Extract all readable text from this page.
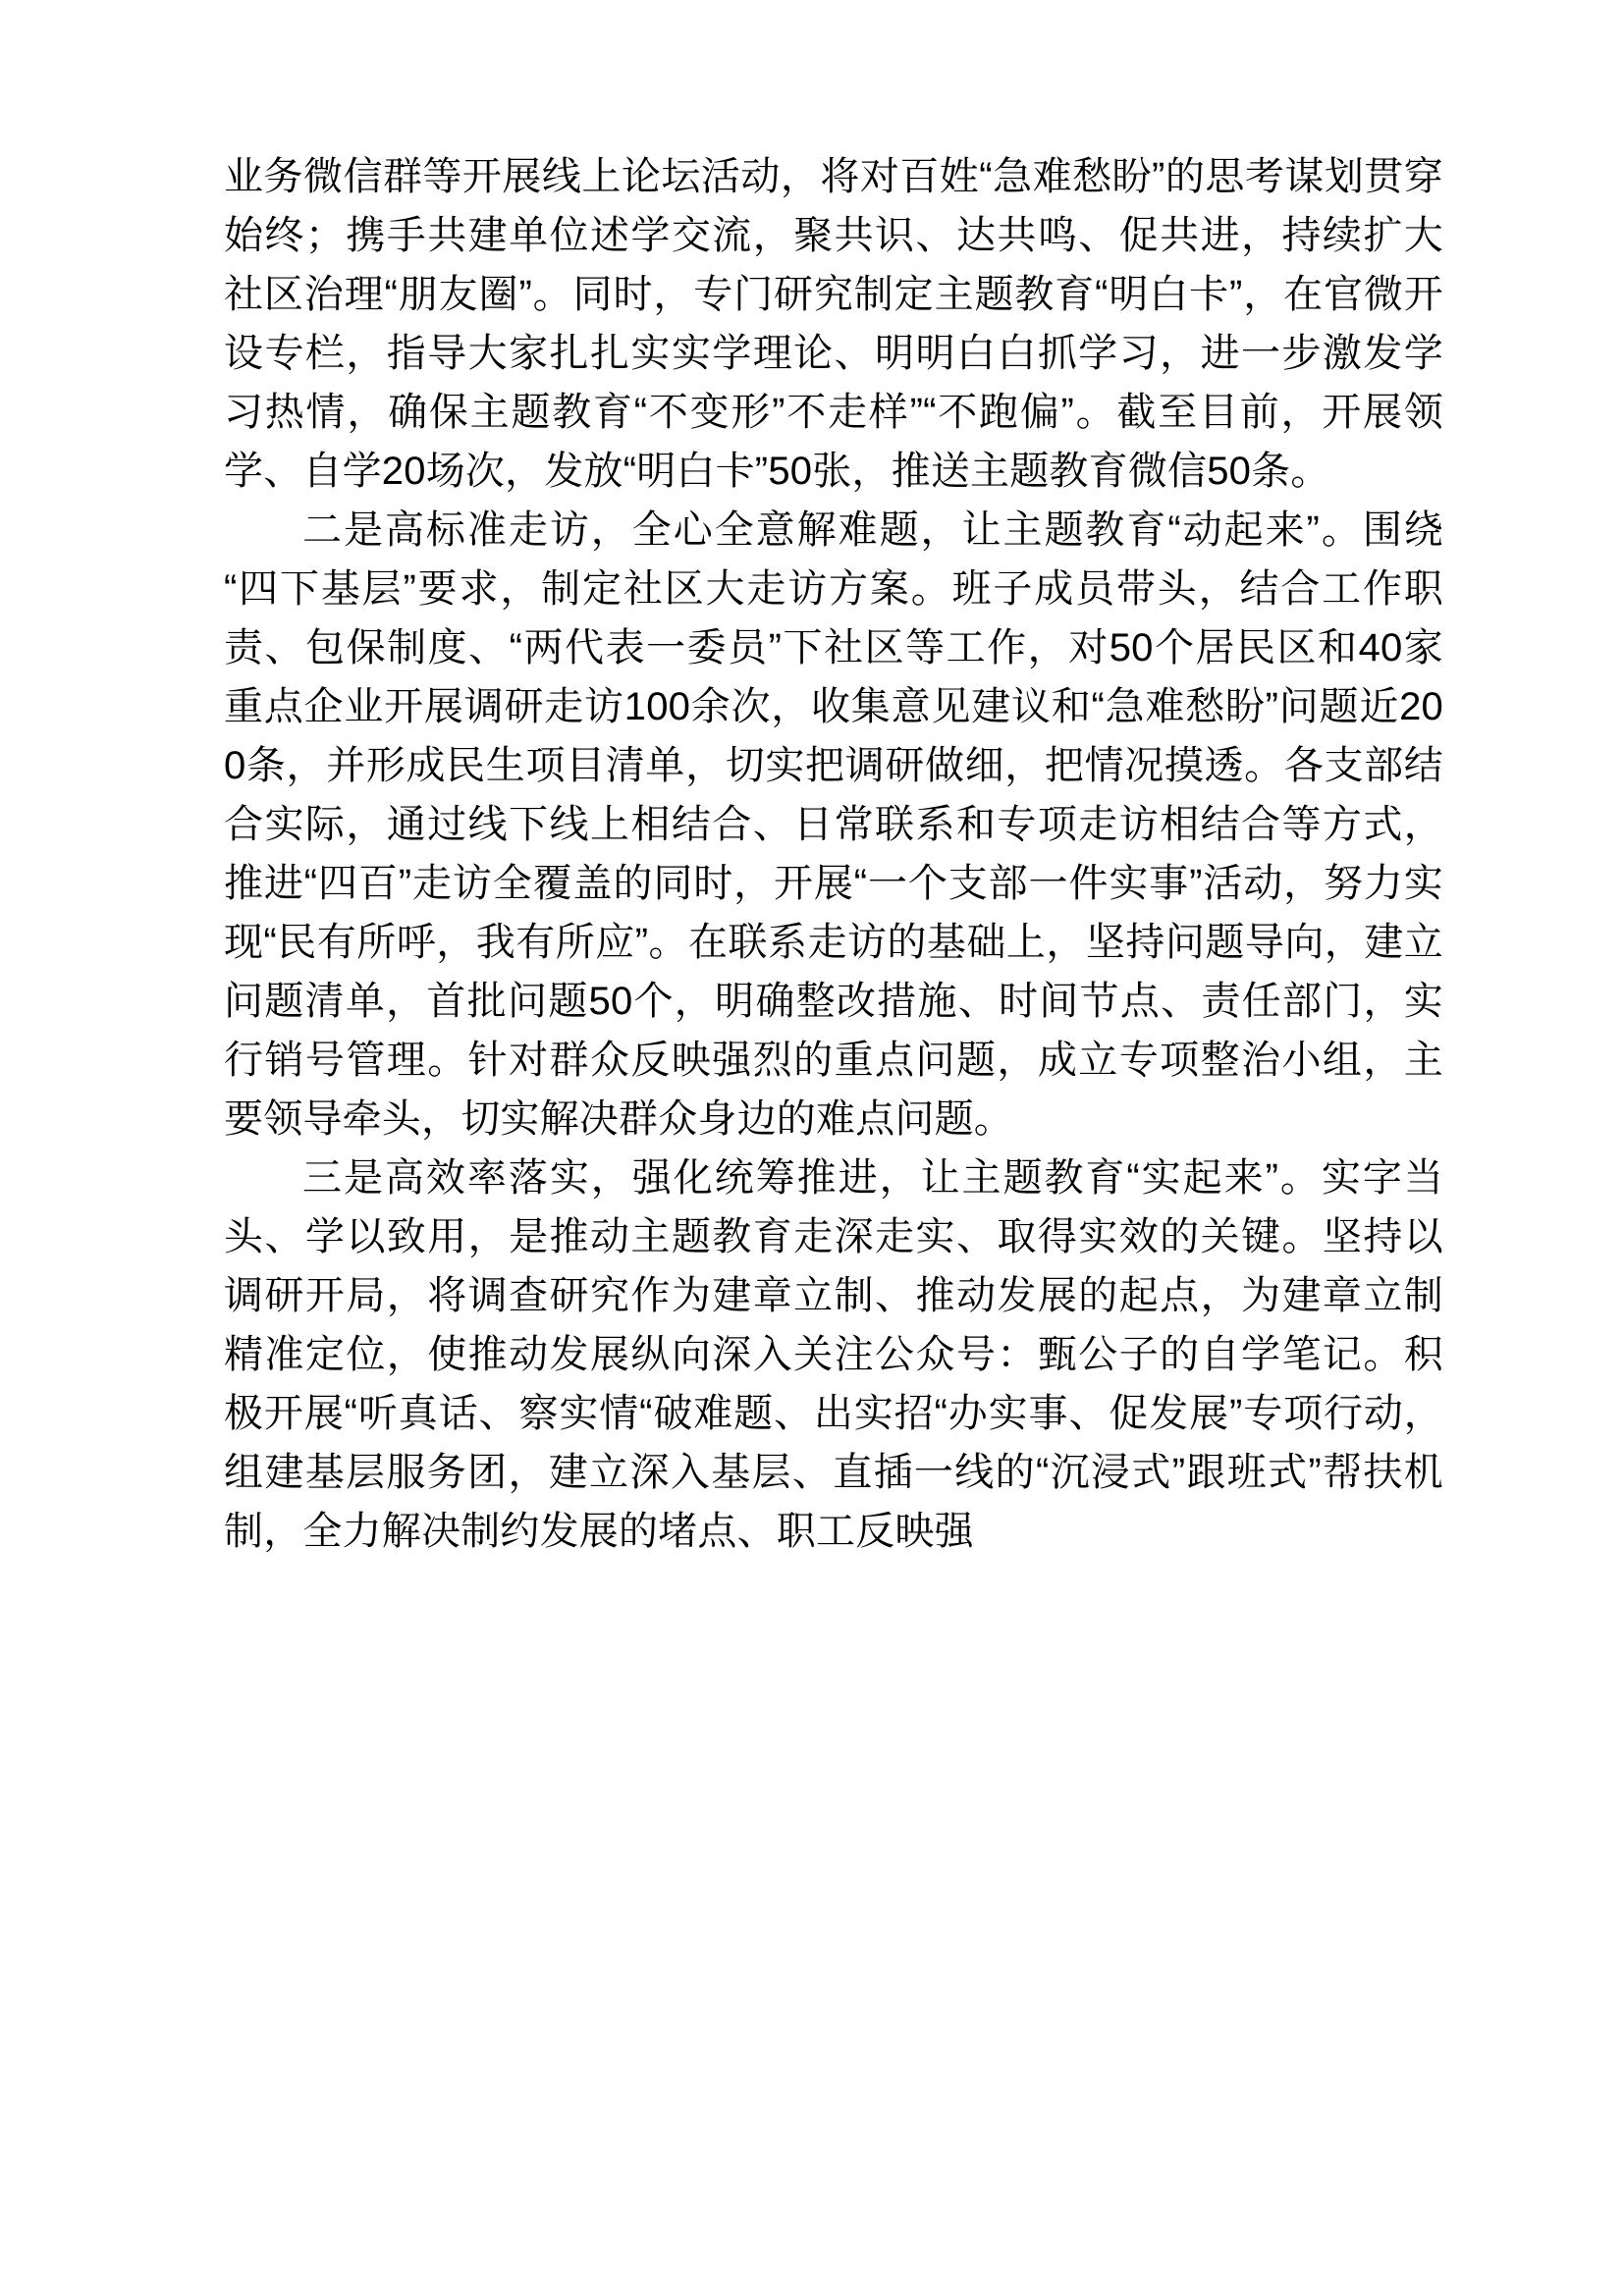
业务微信群等开展线上论坛活动，将对百姓“急难愁盼”的思考谋划贯穿始终；携手共建单位述学交流，聚共识、达共鸣、促共进，持续扩大社区治理“朋友圈”。同时，专门研究制定主题教育“明白卡”，在官微开设专栏，指导大家扎扎实实学理论、明明白白抓学习，进一步激发学习热情，确保主题教育“不变形”不走样”“不跑偏”。截至目前，开展领学、自学20场次，发放“明白卡”50张，推送主题教育微信50条。

二是高标准走访，全心全意解难题，让主题教育“动起来”。围绕“四下基层”要求，制定社区大走访方案。班子成员带头，结合工作职责、包保制度、“两代表一委员”下社区等工作，对50个居民区和40家重点企业开展调研走访100余次，收集意见建议和“急难愁盼”问题近200条，并形成民生项目清单，切实把调研做细，把情况摸透。各支部结合实际，通过线下线上相结合、日常联系和专项走访相结合等方式，推进“四百”走访全覆盖的同时，开展“一个支部一件实事”活动，努力实现“民有所呼，我有所应”。在联系走访的基础上，坚持问题导向，建立问题清单，首批问题50个，明确整改措施、时间节点、责任部门，实行销号管理。针对群众反映强烈的重点问题，成立专项整治小组，主要领导牵头，切实解决群众身边的难点问题。

三是高效率落实，强化统筹推进，让主题教育“实起来”。实字当头、学以致用，是推动主题教育走深走实、取得实效的关键。坚持以调研开局，将调查研究作为建章立制、推动发展的起点，为建章立制精准定位，使推动发展纵向深入关注公众号：甄公子的自学笔记。积极开展“听真话、察实情“破难题、出实招“办实事、促发展”专项行动，组建基层服务团，建立深入基层、直插一线的“沉浸式”跟班式”帮扶机制，全力解决制约发展的堵点、职工反映强
